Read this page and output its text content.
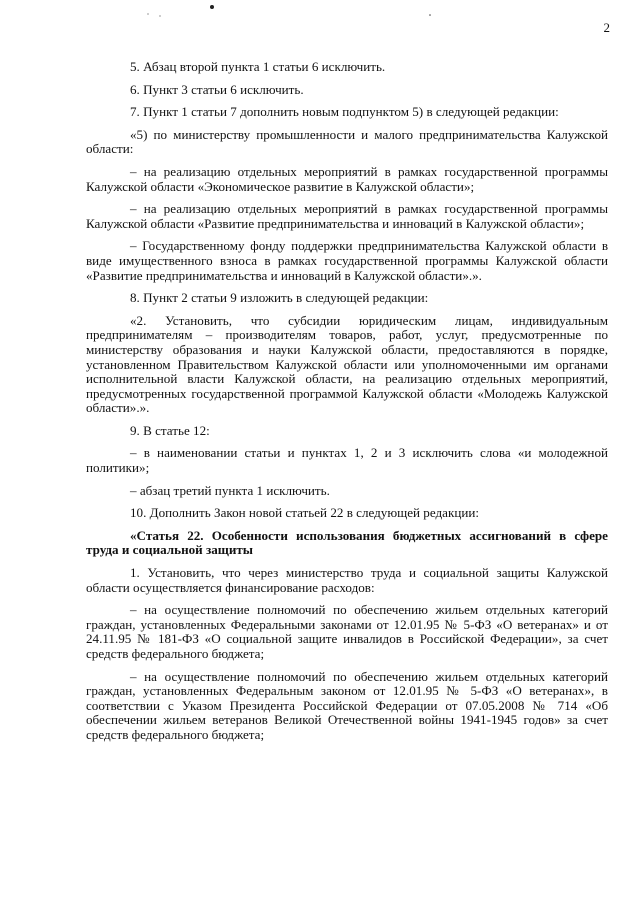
2

5. Абзац второй пункта 1 статьи 6 исключить.

6. Пункт 3 статьи 6 исключить.

7. Пункт 1 статьи 7 дополнить новым подпунктом 5) в следующей редакции:

«5) по министерству промышленности и малого предпринимательства Калужской области:

– на реализацию отдельных мероприятий в рамках государственной программы Калужской области «Экономическое развитие в Калужской области»;

– на реализацию отдельных мероприятий в рамках государственной программы Калужской области «Развитие предпринимательства и инноваций в Калужской области»;

– Государственному фонду поддержки предпринимательства Калужской области в виде имущественного взноса в рамках государственной программы Калужской области «Развитие предпринимательства и инноваций в Калужской области».».

8. Пункт 2 статьи 9 изложить в следующей редакции:

«2. Установить, что субсидии юридическим лицам, индивидуальным предпринимателям – производителям товаров, работ, услуг, предусмотренные по министерству образования и науки Калужской области, предоставляются в порядке, установленном Правительством Калужской области или уполномоченными им органами исполнительной власти Калужской области, на реализацию отдельных мероприятий, предусмотренных государственной программой Калужской области «Молодежь Калужской области».».

9. В статье 12:

– в наименовании статьи и пунктах 1, 2 и 3 исключить слова «и молодежной политики»;

– абзац третий пункта 1 исключить.

10. Дополнить Закон новой статьей 22 в следующей редакции:

«Статья 22. Особенности использования бюджетных ассигнований в сфере труда и социальной защиты

1. Установить, что через министерство труда и социальной защиты Калужской области осуществляется финансирование расходов:

– на осуществление полномочий по обеспечению жильем отдельных категорий граждан, установленных Федеральными законами от 12.01.95 № 5-ФЗ «О ветеранах» и от 24.11.95 № 181-ФЗ «О социальной защите инвалидов в Российской Федерации», за счет средств федерального бюджета;

– на осуществление полномочий по обеспечению жильем отдельных категорий граждан, установленных Федеральным законом от 12.01.95 № 5-ФЗ «О ветеранах», в соответствии с Указом Президента Российской Федерации от 07.05.2008 № 714 «Об обеспечении жильем ветеранов Великой Отечественной войны 1941-1945 годов» за счет средств федерального бюджета;
